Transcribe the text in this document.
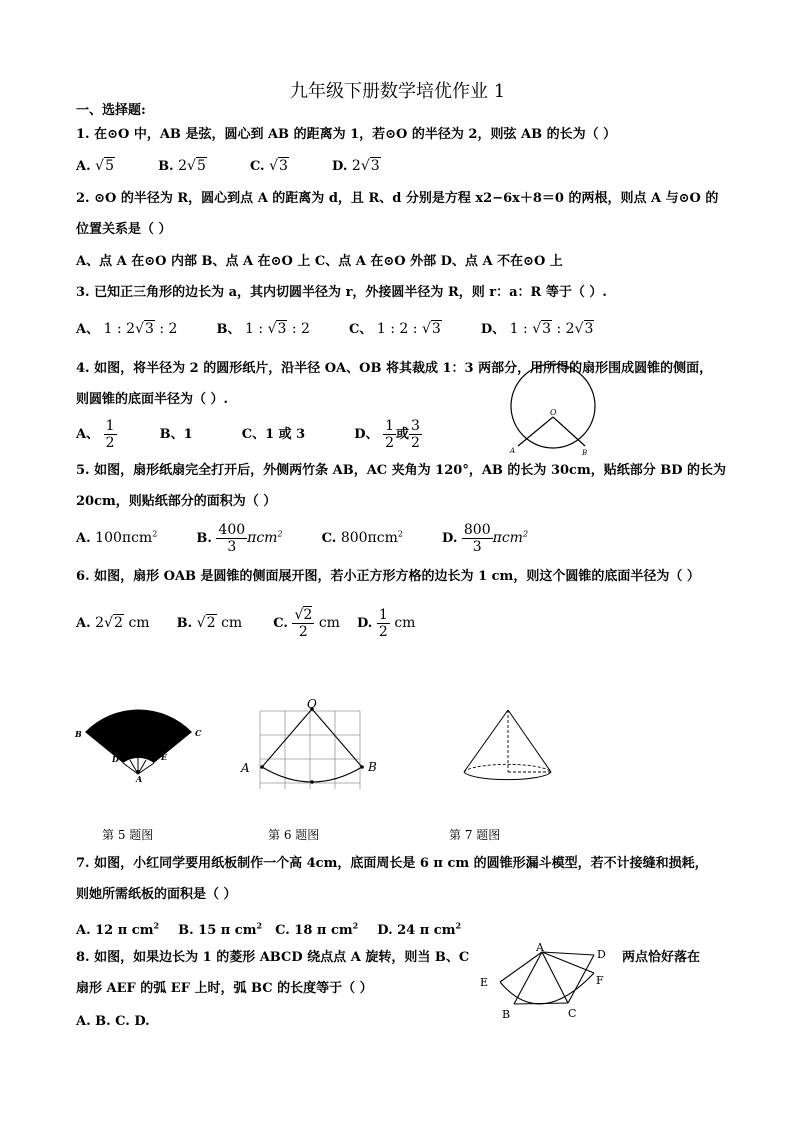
九年级下册数学培优作业 1
一、选择题:
1. 在⊙O 中，AB 是弦，圆心到 AB 的距离为 1，若⊙O 的半径为 2，则弦 AB 的长为（ ）
A. √5	B. 2√5	C. √3	D. 2√3
2. ⊙O 的半径为 R，圆心到点 A 的距离为 d，且 R、d 分别是方程 x2−6x＋8＝0 的两根，则点 A 与⊙O 的
位置关系是（ ）
A、点 A 在⊙O 内部 B、点 A 在⊙O 上 C、点 A 在⊙O 外部 D、点 A 不在⊙O 上
3. 已知正三角形的边长为 a，其内切圆半径为 r，外接圆半径为 R，则 r：a：R 等于（ ）.
A、 1 : 2√3 : 2	B、 1 : √3 : 2	C、 1 : 2 : √3	D、 1 : √3 : 2√3
4. 如图，将半径为 2 的圆形纸片，沿半径 OA、OB 将其裁成 1：3 两部分，用所得的扇形围成圆锥的侧面，
则圆锥的底面半径为（ ）.
A、 $\frac{1}{2}$	B、1	C、1 或 3	D、 $\frac{1}{2}$ 或 $\frac{3}{2}$
O
A	B
5. 如图，扇形纸扇完全打开后，外侧两竹条 AB，AC 夹角为 120°，AB 的长为 30cm，贴纸部分 BD 的长为
20cm，则贴纸部分的面积为（ ）
A. 100πcm$^2$	B. $\frac{400}{3} \pi cm^2$	C. 800πcm$^2$	D. $\frac{800}{3} \pi cm^2$
6. 如图，扇形 OAB 是圆锥的侧面展开图，若小正方形方格的边长为 1 cm，则这个圆锥的底面半径为（ ）
A. 2√2 cm B. √2 cm C. $\frac{√2}{2}$ cm D. $\frac{1}{2}$ cm
B	C
D	E
A
O
A	B
第 5 题图	第 6 题图	第 7 题图
7. 如图，小红同学要用纸板制作一个高 4cm，底面周长是 6 π cm 的圆锥形漏斗模型，若不计接缝和损耗，
则她所需纸板的面积是（ ）
A. 12 π $cm^2$ B. 15 π $cm^2$ C. 18 π $cm^2$ D. 24 π $cm^2$
8. 如图，如果边长为 1 的菱形 ABCD 绕点点 A 旋转，则当 B、C	两点恰好落在
扇形 AEF 的弧 EF 上时，弧 BC 的长度等于（ ）
A. B. C. D.
A
D
E	F
B	C
